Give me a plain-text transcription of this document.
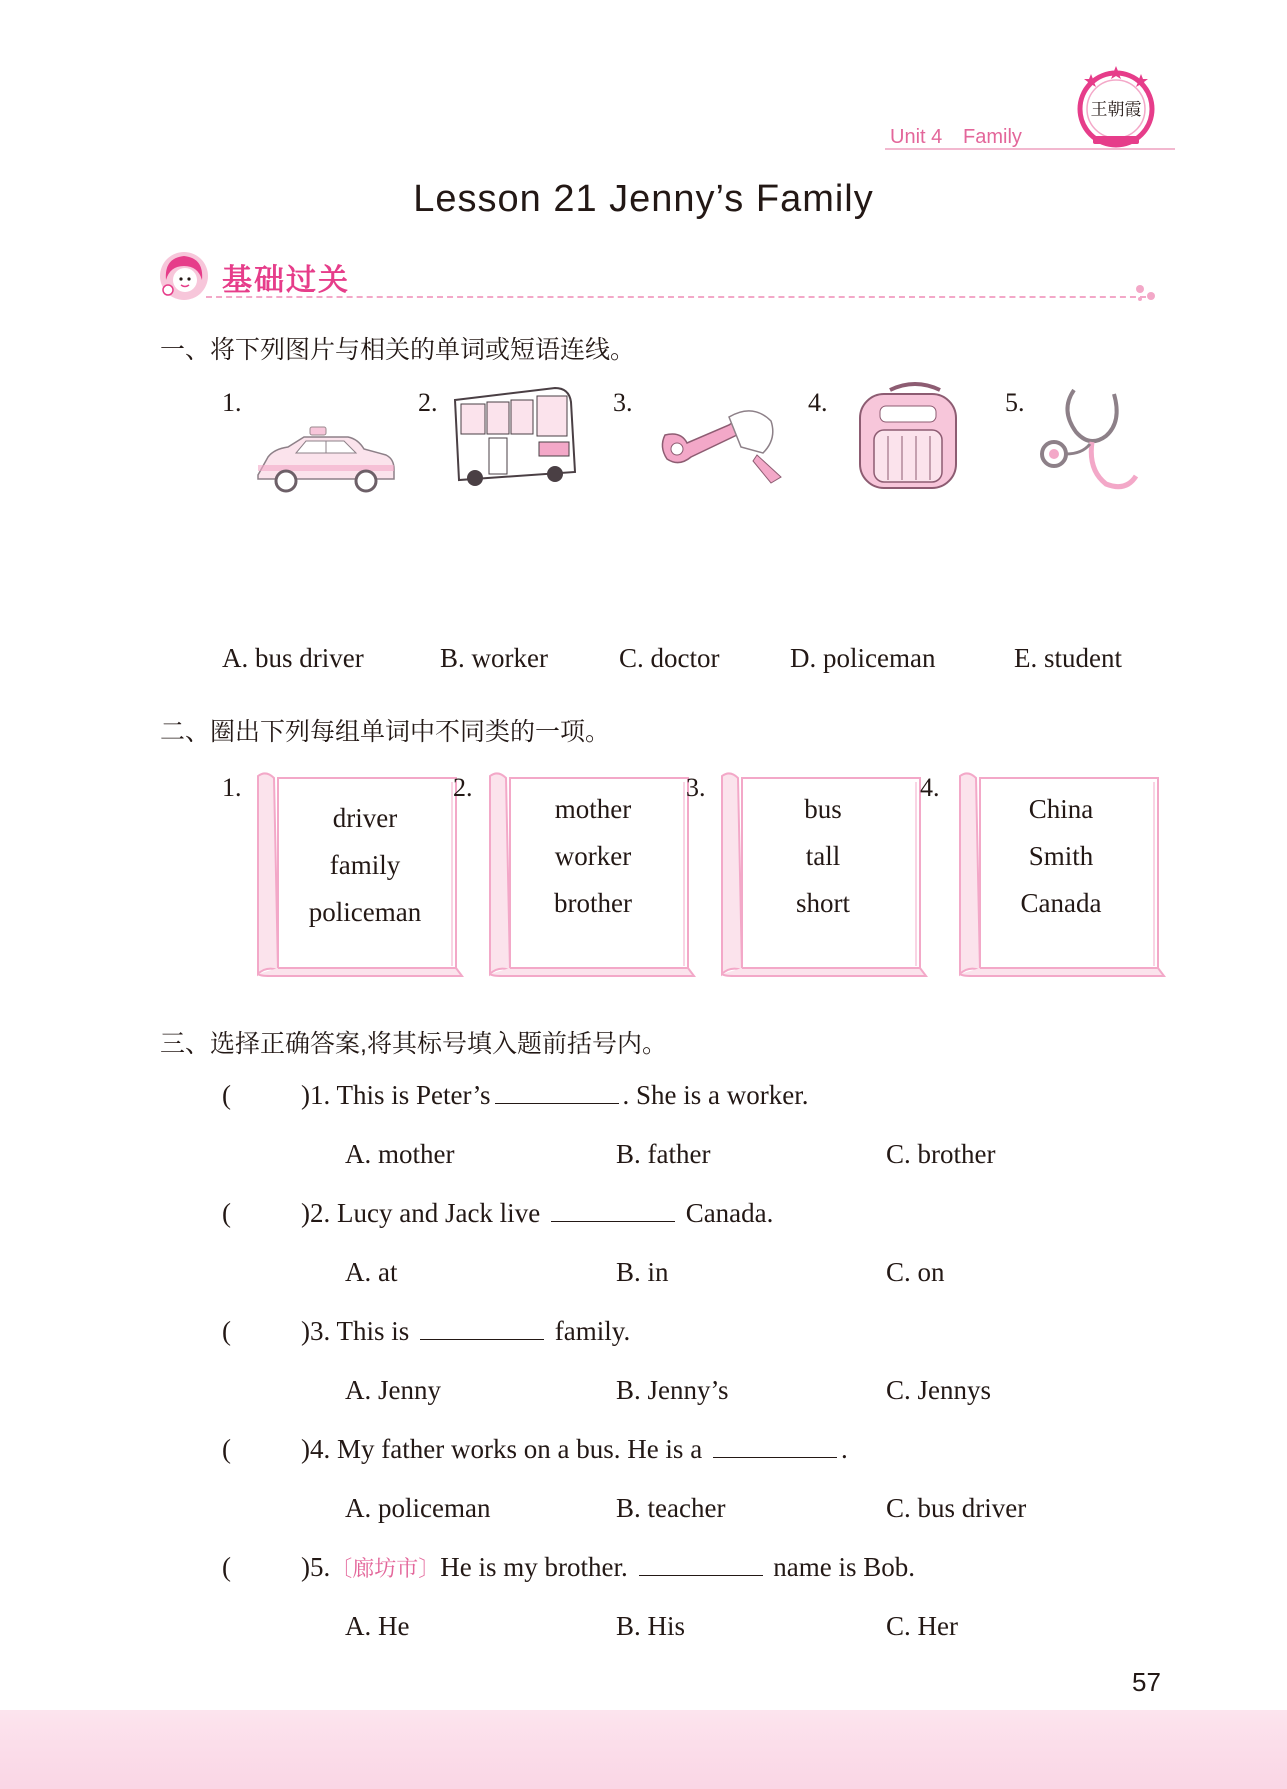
Unit 4 Family
王朝霞
Lesson 21 Jenny’s Family
基础过关
一、将下列图片与相关的单词或短语连线。
1.	2.	3.	4.	5.
A. bus driver	B. worker	C. doctor	D. policeman	E. student
二、圈出下列每组单词中不同类的一项。
1.
driver
family
policeman
2.
mother
worker
brother
3.
bus
tall
short
4.
China
Smith
Canada
三、选择正确答案,将其标号填入题前括号内。
(	)1. This is Peter’s	. She is a worker.
A. mother	B. father	C. brother
(	)2. Lucy and Jack live	Canada.
A. at	B. in	C. on
(	)3. This is	family.
A. Jenny	B. Jenny’s	C. Jennys
(	)4. My father works on a bus. He is a	.
A. policeman	B. teacher	C. bus driver
(	)5.〔廊坊市〕He is my brother.	name is Bob.
A. He	B. His	C. Her
57
